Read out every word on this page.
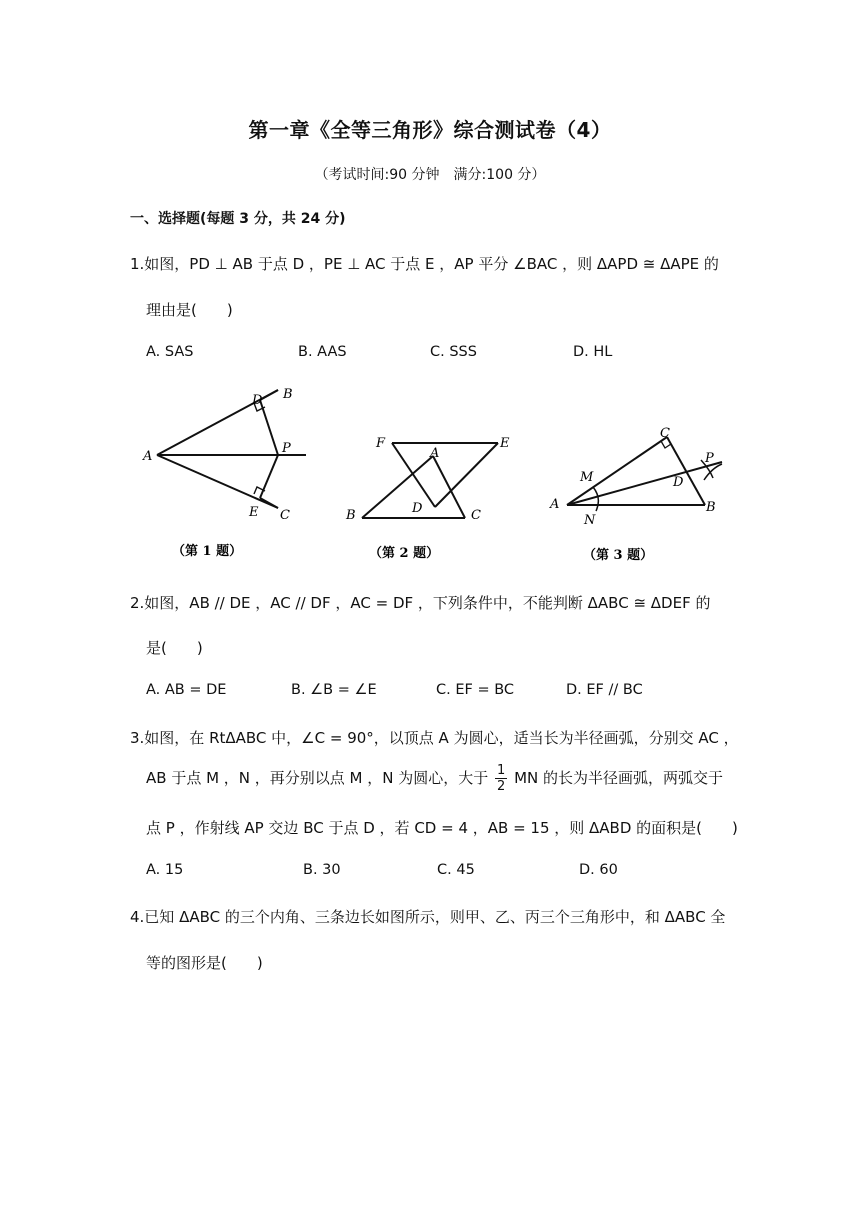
第一章《全等三角形》综合测试卷（4）
（考试时间:90 分钟　满分:100 分）
一、选择题(每题 3 分，共 24 分)
1.如图，PD ⊥ AB 于点 D ，PE ⊥ AC 于点 E ，AP 平分 ∠BAC ，则 ΔAPD ≅ ΔAPE 的
理由是(　　)
A. SAS	B. AAS	C. SSS	D. HL
A
B
D
P
E C
F	E
A
D
B	C
C
P
M	D
A
N
B
（第 1 题）	（第 2 题）	（第 3 题）
2.如图，AB // DE ，AC // DF ，AC = DF ，下列条件中，不能判断 ΔABC ≅ ΔDEF 的
是(　　)
A. AB = DE	B. ∠B = ∠E	C. EF = BC	D. EF // BC
3.如图，在 RtΔABC 中，∠C = 90°，以顶点 A 为圆心，适当长为半径画弧，分别交 AC ，
AB 于点 M ，N ，再分别以点 M ，N 为圆心，大于 $\frac{1}{2}$ MN 的长为半径画弧，两弧交于
点 P ，作射线 AP 交边 BC 于点 D ，若 CD = 4 ，AB = 15 ，则 ΔABD 的面积是(　　)
A. 15	B. 30	C. 45	D. 60
4.已知 ΔABC 的三个内角、三条边长如图所示，则甲、乙、丙三个三角形中，和 ΔABC 全
等的图形是(　　)
